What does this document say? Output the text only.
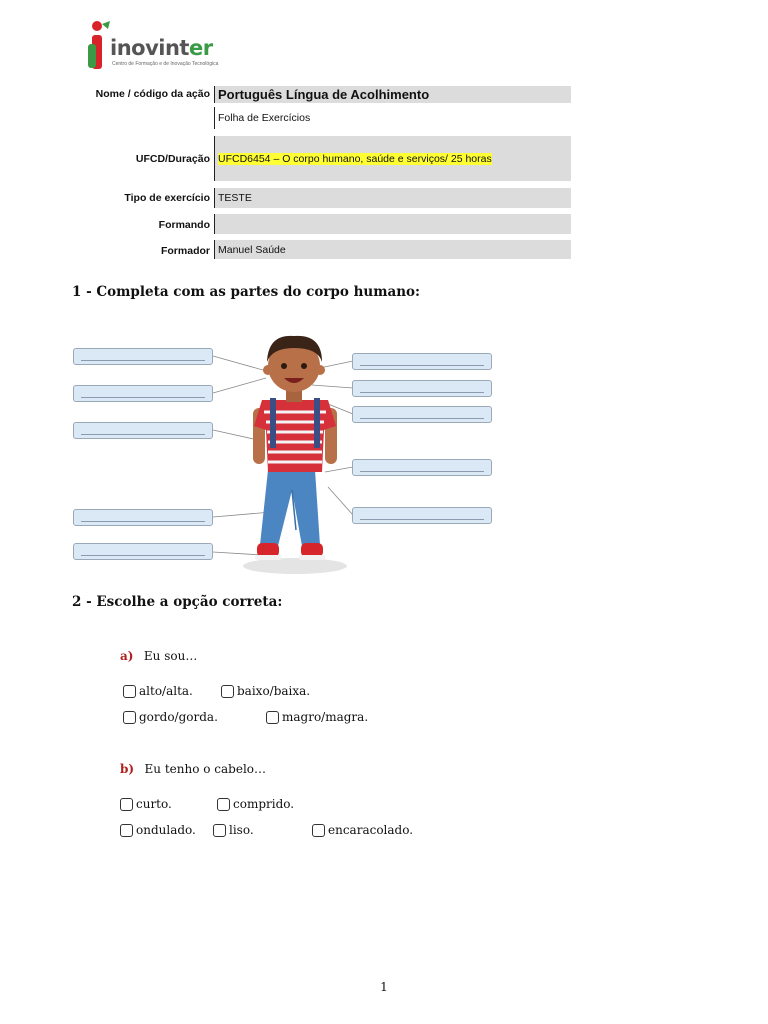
inovinter
Centro de Formação e de Inovação Tecnológica
Nome / código da ação Português Língua de Acolhimento
Folha de Exercícios
UFCD/Duração UFCD6454 – O corpo humano, saúde e serviços/ 25 horas
Tipo de exercício TESTE
Formando
Formador Manuel Saúde
1 - Completa com as partes do corpo humano:
2 - Escolhe a opção correta:
a) Eu sou…
alto/alta.	baixo/baixa.
gordo/gorda.	magro/magra.
b) Eu tenho o cabelo…
curto.	comprido.
ondulado.	liso.	encaracolado.
1
